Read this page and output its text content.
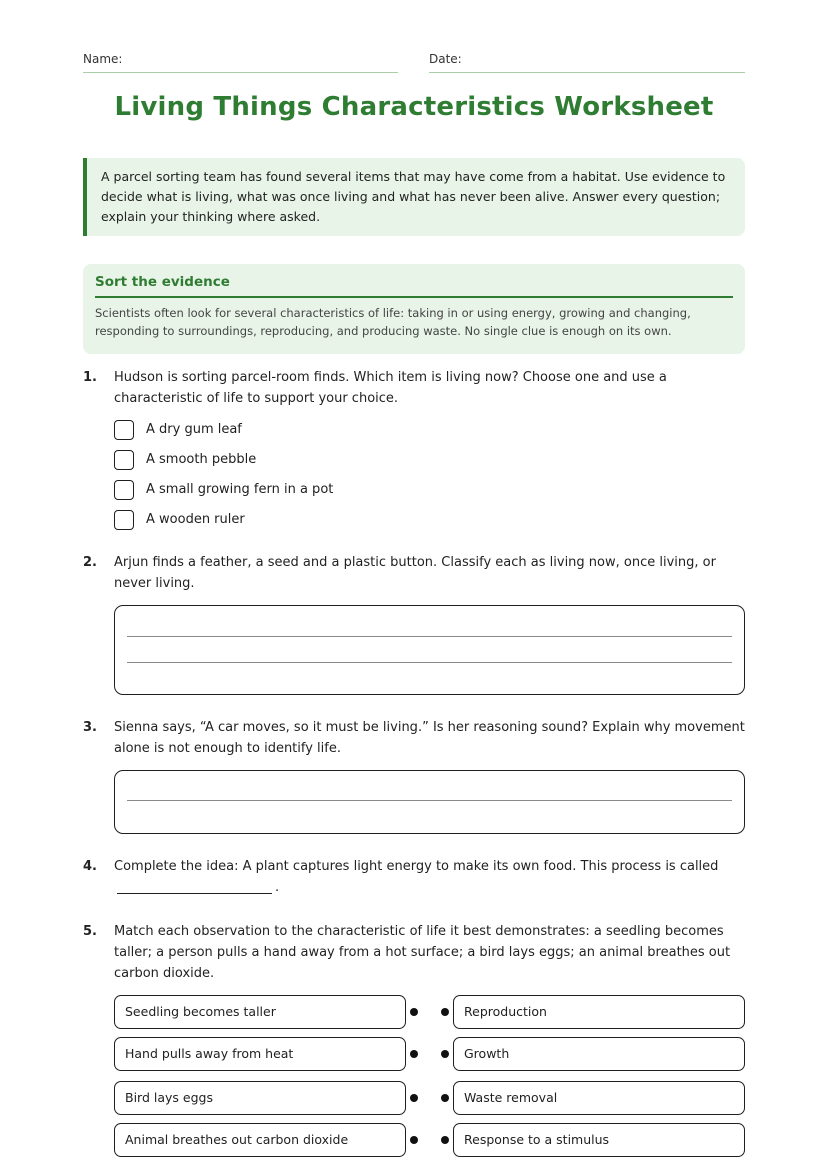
Name:	Date:
Living Things Characteristics Worksheet
A parcel sorting team has found several items that may have come from a habitat. Use evidence to decide what is living, what was once living and what has never been alive. Answer every question; explain your thinking where asked.
Sort the evidence
Scientists often look for several characteristics of life: taking in or using energy, growing and changing, responding to surroundings, reproducing, and producing waste. No single clue is enough on its own.
1. Hudson is sorting parcel-room finds. Which item is living now? Choose one and use a characteristic of life to support your choice.
A dry gum leaf
A smooth pebble
A small growing fern in a pot
A wooden ruler
2. Arjun finds a feather, a seed and a plastic button. Classify each as living now, once living, or never living.
3. Sienna says, “A car moves, so it must be living.” Is her reasoning sound? Explain why movement alone is not enough to identify life.
4. Complete the idea: A plant captures light energy to make its own food. This process is called
.
5. Match each observation to the characteristic of life it best demonstrates: a seedling becomes taller; a person pulls a hand away from a hot surface; a bird lays eggs; an animal breathes out carbon dioxide.
Seedling becomes taller	Reproduction
Hand pulls away from heat	Growth
Bird lays eggs	Waste removal
Animal breathes out carbon dioxide	Response to a stimulus
